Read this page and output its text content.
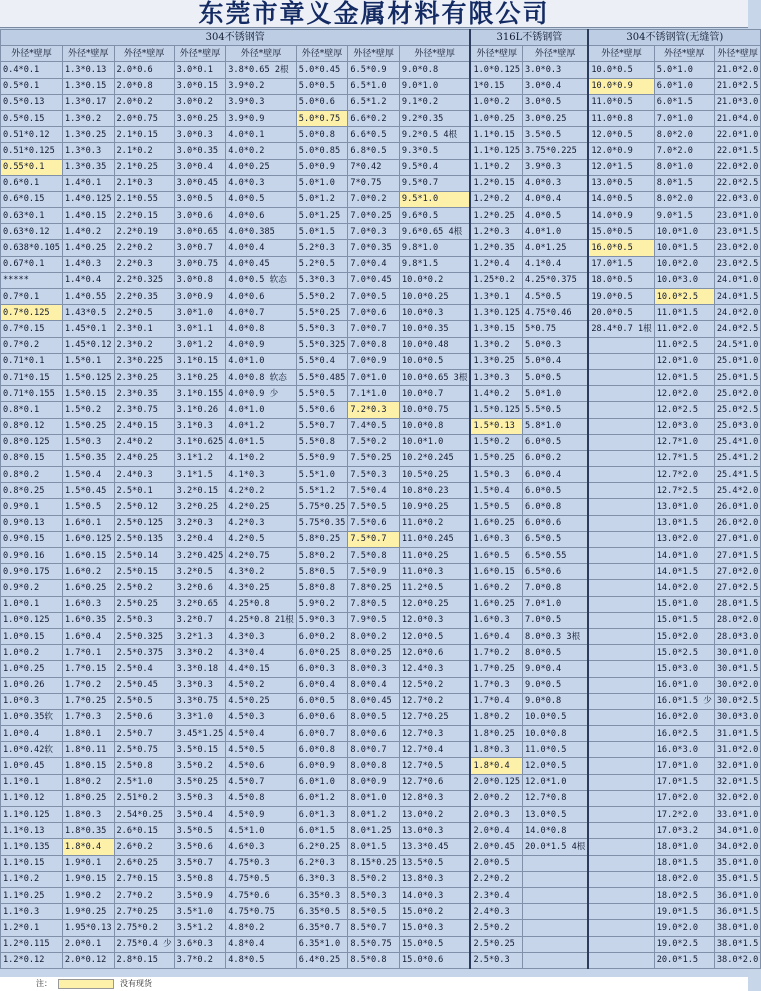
东莞市章义金属材料有限公司
304不锈钢管								316L不锈钢管		304不锈钢管(无缝管)		
外径*壁厚	外径*壁厚	外径*壁厚	外径*壁厚	外径*壁厚	外径*壁厚	外径*壁厚	外径*壁厚	外径*壁厚	外径*壁厚	外径*壁厚	外径*壁厚	外径*壁厚
0.4*0.1	1.3*0.13	2.0*0.6	3.0*0.1	3.8*0.65 2根	5.0*0.45	6.5*0.9	9.0*0.8	1.0*0.125	3.0*0.3	10.0*0.5	5.0*1.0	21.0*2.0
0.5*0.1	1.3*0.15	2.0*0.8	3.0*0.15	3.9*0.2	5.0*0.5	6.5*1.0	9.0*1.0	1*0.15	3.0*0.4	10.0*0.9	6.0*1.0	21.0*2.5
0.5*0.13	1.3*0.17	2.0*0.2	3.0*0.2	3.9*0.3	5.0*0.6	6.5*1.2	9.1*0.2	1.0*0.2	3.0*0.5	11.0*0.5	6.0*1.5	21.0*3.0
0.5*0.15	1.3*0.2	2.0*0.75	3.0*0.25	3.9*0.9	5.0*0.75	6.6*0.2	9.2*0.35	1.0*0.25	3.0*0.25	11.0*0.8	7.0*1.0	21.0*4.0
0.51*0.12	1.3*0.25	2.1*0.15	3.0*0.3	4.0*0.1	5.0*0.8	6.6*0.5	9.2*0.5 4根	1.1*0.15	3.5*0.5	12.0*0.5	8.0*2.0	22.0*1.0
0.51*0.125	1.3*0.3	2.1*0.2	3.0*0.35	4.0*0.2	5.0*0.85	6.8*0.5	9.3*0.5	1.1*0.125	3.75*0.225	12.0*0.9	7.0*2.0	22.0*1.5
0.55*0.1	1.3*0.35	2.1*0.25	3.0*0.4	4.0*0.25	5.0*0.9	7*0.42	9.5*0.4	1.1*0.2	3.9*0.3	12.0*1.5	8.0*1.0	22.0*2.0
0.6*0.1	1.4*0.1	2.1*0.3	3.0*0.45	4.0*0.3	5.0*1.0	7*0.75	9.5*0.7	1.2*0.15	4.0*0.3	13.0*0.5	8.0*1.5	22.0*2.5
0.6*0.15	1.4*0.125	2.1*0.55	3.0*0.5	4.0*0.5	5.0*1.2	7.0*0.2	9.5*1.0	1.2*0.2	4.0*0.4	14.0*0.5	8.0*2.0	22.0*3.0
0.63*0.1	1.4*0.15	2.2*0.15	3.0*0.6	4.0*0.6	5.0*1.25	7.0*0.25	9.6*0.5	1.2*0.25	4.0*0.5	14.0*0.9	9.0*1.5	23.0*1.0
0.63*0.12	1.4*0.2	2.2*0.19	3.0*0.65	4.0*0.385	5.0*1.5	7.0*0.3	9.6*0.65 4根	1.2*0.3	4.0*1.0	15.0*0.5	10.0*1.0	23.0*1.5
0.638*0.105	1.4*0.25	2.2*0.2	3.0*0.7	4.0*0.4	5.2*0.3	7.0*0.35	9.8*1.0	1.2*0.35	4.0*1.25	16.0*0.5	10.0*1.5	23.0*2.0
0.67*0.1	1.4*0.3	2.2*0.3	3.0*0.75	4.0*0.45	5.2*0.5	7.0*0.4	9.8*1.5	1.2*0.4	4.1*0.4	17.0*1.5	10.0*2.0	23.0*2.5
*****	1.4*0.4	2.2*0.325	3.0*0.8	4.0*0.5 软态	5.3*0.3	7.0*0.45	10.0*0.2	1.25*0.2	4.25*0.375	18.0*0.5	10.0*3.0	24.0*1.0
0.7*0.1	1.4*0.55	2.2*0.35	3.0*0.9	4.0*0.6	5.5*0.2	7.0*0.5	10.0*0.25	1.3*0.1	4.5*0.5	19.0*0.5	10.0*2.5	24.0*1.5
0.7*0.125	1.43*0.5	2.2*0.5	3.0*1.0	4.0*0.7	5.5*0.25	7.0*0.6	10.0*0.3	1.3*0.125	4.75*0.46	20.0*0.5	11.0*1.5	24.0*2.0
0.7*0.15	1.45*0.1	2.3*0.1	3.0*1.1	4.0*0.8	5.5*0.3	7.0*0.7	10.0*0.35	1.3*0.15	5*0.75	28.4*0.7 1根	11.0*2.0	24.0*2.5
0.7*0.2	1.45*0.12	2.3*0.2	3.0*1.2	4.0*0.9	5.5*0.325	7.0*0.8	10.0*0.48	1.3*0.2	5.0*0.3		11.0*2.5	24.5*1.0
0.71*0.1	1.5*0.1	2.3*0.225	3.1*0.15	4.0*1.0	5.5*0.4	7.0*0.9	10.0*0.5	1.3*0.25	5.0*0.4		12.0*1.0	25.0*1.0
0.71*0.15	1.5*0.125	2.3*0.25	3.1*0.25	4.0*0.8 软态	5.5*0.485	7.0*1.0	10.0*0.65 3根	1.3*0.3	5.0*0.5		12.0*1.5	25.0*1.5
0.71*0.155	1.5*0.15	2.3*0.35	3.1*0.155	4.0*0.9 少	5.5*0.5	7.1*1.0	10.0*0.7	1.4*0.2	5.0*1.0		12.0*2.0	25.0*2.0
0.8*0.1	1.5*0.2	2.3*0.75	3.1*0.26	4.0*1.0	5.5*0.6	7.2*0.3	10.0*0.75	1.5*0.125	5.5*0.5		12.0*2.5	25.0*2.5
0.8*0.12	1.5*0.25	2.4*0.15	3.1*0.3	4.0*1.2	5.5*0.7	7.4*0.5	10.0*0.8	1.5*0.13	5.8*1.0		12.0*3.0	25.0*3.0
0.8*0.125	1.5*0.3	2.4*0.2	3.1*0.625	4.0*1.5	5.5*0.8	7.5*0.2	10.0*1.0	1.5*0.2	6.0*0.5		12.7*1.0	25.4*1.0
0.8*0.15	1.5*0.35	2.4*0.25	3.1*1.2	4.1*0.2	5.5*0.9	7.5*0.25	10.2*0.245	1.5*0.25	6.0*0.2		12.7*1.5	25.4*1.2
0.8*0.2	1.5*0.4	2.4*0.3	3.1*1.5	4.1*0.3	5.5*1.0	7.5*0.3	10.5*0.25	1.5*0.3	6.0*0.4		12.7*2.0	25.4*1.5
0.8*0.25	1.5*0.45	2.5*0.1	3.2*0.15	4.2*0.2	5.5*1.2	7.5*0.4	10.8*0.23	1.5*0.4	6.0*0.5		12.7*2.5	25.4*2.0
0.9*0.1	1.5*0.5	2.5*0.12	3.2*0.25	4.2*0.25	5.75*0.25	7.5*0.5	10.9*0.25	1.5*0.5	6.0*0.8		13.0*1.0	26.0*1.0
0.9*0.13	1.6*0.1	2.5*0.125	3.2*0.3	4.2*0.3	5.75*0.35	7.5*0.6	11.0*0.2	1.6*0.25	6.0*0.6		13.0*1.5	26.0*2.0
0.9*0.15	1.6*0.125	2.5*0.135	3.2*0.4	4.2*0.5	5.8*0.25	7.5*0.7	11.0*0.245	1.6*0.3	6.5*0.5		13.0*2.0	27.0*1.0
0.9*0.16	1.6*0.15	2.5*0.14	3.2*0.425	4.2*0.75	5.8*0.2	7.5*0.8	11.0*0.25	1.6*0.5	6.5*0.55		14.0*1.0	27.0*1.5
0.9*0.175	1.6*0.2	2.5*0.15	3.2*0.5	4.3*0.2	5.8*0.5	7.5*0.9	11.0*0.3	1.6*0.15	6.5*0.6		14.0*1.5	27.0*2.0
0.9*0.2	1.6*0.25	2.5*0.2	3.2*0.6	4.3*0.25	5.8*0.8	7.8*0.25	11.2*0.5	1.6*0.2	7.0*0.8		14.0*2.0	27.0*2.5
1.0*0.1	1.6*0.3	2.5*0.25	3.2*0.65	4.25*0.8	5.9*0.2	7.8*0.5	12.0*0.25	1.6*0.25	7.0*1.0		15.0*1.0	28.0*1.5
1.0*0.125	1.6*0.35	2.5*0.3	3.2*0.7	4.25*0.8 21根	5.9*0.3	7.9*0.5	12.0*0.3	1.6*0.3	7.0*0.5		15.0*1.5	28.0*2.0
1.0*0.15	1.6*0.4	2.5*0.325	3.2*1.3	4.3*0.3	6.0*0.2	8.0*0.2	12.0*0.5	1.6*0.4	8.0*0.3 3根		15.0*2.0	28.0*3.0
1.0*0.2	1.7*0.1	2.5*0.375	3.3*0.2	4.3*0.4	6.0*0.25	8.0*0.25	12.0*0.6	1.7*0.2	8.0*0.5		15.0*2.5	30.0*1.0
1.0*0.25	1.7*0.15	2.5*0.4	3.3*0.18	4.4*0.15	6.0*0.3	8.0*0.3	12.4*0.3	1.7*0.25	9.0*0.4		15.0*3.0	30.0*1.5
1.0*0.26	1.7*0.2	2.5*0.45	3.3*0.3	4.5*0.2	6.0*0.4	8.0*0.4	12.5*0.2	1.7*0.3	9.0*0.5		16.0*1.0	30.0*2.0
1.0*0.3	1.7*0.25	2.5*0.5	3.3*0.75	4.5*0.25	6.0*0.5	8.0*0.45	12.7*0.2	1.7*0.4	9.0*0.8		16.0*1.5 少	30.0*2.5
1.0*0.35软	1.7*0.3	2.5*0.6	3.3*1.0	4.5*0.3	6.0*0.6	8.0*0.5	12.7*0.25	1.8*0.2	10.0*0.5		16.0*2.0	30.0*3.0
1.0*0.4	1.8*0.1	2.5*0.7	3.45*1.25	4.5*0.4	6.0*0.7	8.0*0.6	12.7*0.3	1.8*0.25	10.0*0.8		16.0*2.5	31.0*1.5
1.0*0.42软	1.8*0.11	2.5*0.75	3.5*0.15	4.5*0.5	6.0*0.8	8.0*0.7	12.7*0.4	1.8*0.3	11.0*0.5		16.0*3.0	31.0*2.0
1.0*0.45	1.8*0.15	2.5*0.8	3.5*0.2	4.5*0.6	6.0*0.9	8.0*0.8	12.7*0.5	1.8*0.4	12.0*0.5		17.0*1.0	32.0*1.0
1.1*0.1	1.8*0.2	2.5*1.0	3.5*0.25	4.5*0.7	6.0*1.0	8.0*0.9	12.7*0.6	2.0*0.125	12.0*1.0		17.0*1.5	32.0*1.5
1.1*0.12	1.8*0.25	2.51*0.2	3.5*0.3	4.5*0.8	6.0*1.2	8.0*1.0	12.8*0.3	2.0*0.2	12.7*0.8		17.0*2.0	32.0*2.0
1.1*0.125	1.8*0.3	2.54*0.25	3.5*0.4	4.5*0.9	6.0*1.3	8.0*1.2	13.0*0.2	2.0*0.3	13.0*0.5		17.2*2.0	33.0*1.0
1.1*0.13	1.8*0.35	2.6*0.15	3.5*0.5	4.5*1.0	6.0*1.5	8.0*1.25	13.0*0.3	2.0*0.4	14.0*0.8		17.0*3.2	34.0*1.0
1.1*0.135	1.8*0.4	2.6*0.2	3.5*0.6	4.6*0.3	6.2*0.25	8.0*1.5	13.3*0.45	2.0*0.45	20.0*1.5 4根		18.0*1.0	34.0*2.0
1.1*0.15	1.9*0.1	2.6*0.25	3.5*0.7	4.75*0.3	6.2*0.3	8.15*0.25	13.5*0.5	2.0*0.5			18.0*1.5	35.0*1.0
1.1*0.2	1.9*0.15	2.7*0.15	3.5*0.8	4.75*0.5	6.3*0.3	8.5*0.2	13.8*0.3	2.2*0.2			18.0*2.0	35.0*1.5
1.1*0.25	1.9*0.2	2.7*0.2	3.5*0.9	4.75*0.6	6.35*0.3	8.5*0.3	14.0*0.3	2.3*0.4			18.0*2.5	36.0*1.0
1.1*0.3	1.9*0.25	2.7*0.25	3.5*1.0	4.75*0.75	6.35*0.5	8.5*0.5	15.0*0.2	2.4*0.3			19.0*1.5	36.0*1.5
1.2*0.1	1.95*0.13	2.75*0.2	3.5*1.2	4.8*0.2	6.35*0.7	8.5*0.7	15.0*0.3	2.5*0.2			19.0*2.0	38.0*1.0
1.2*0.115	2.0*0.1	2.75*0.4 少	3.6*0.3	4.8*0.4	6.35*1.0	8.5*0.75	15.0*0.5	2.5*0.25			19.0*2.5	38.0*1.5
1.2*0.12	2.0*0.12	2.8*0.15	3.7*0.2	4.8*0.5	6.4*0.25	8.5*0.8	15.0*0.6	2.5*0.3			20.0*1.5	38.0*2.0
注：	没有现货
